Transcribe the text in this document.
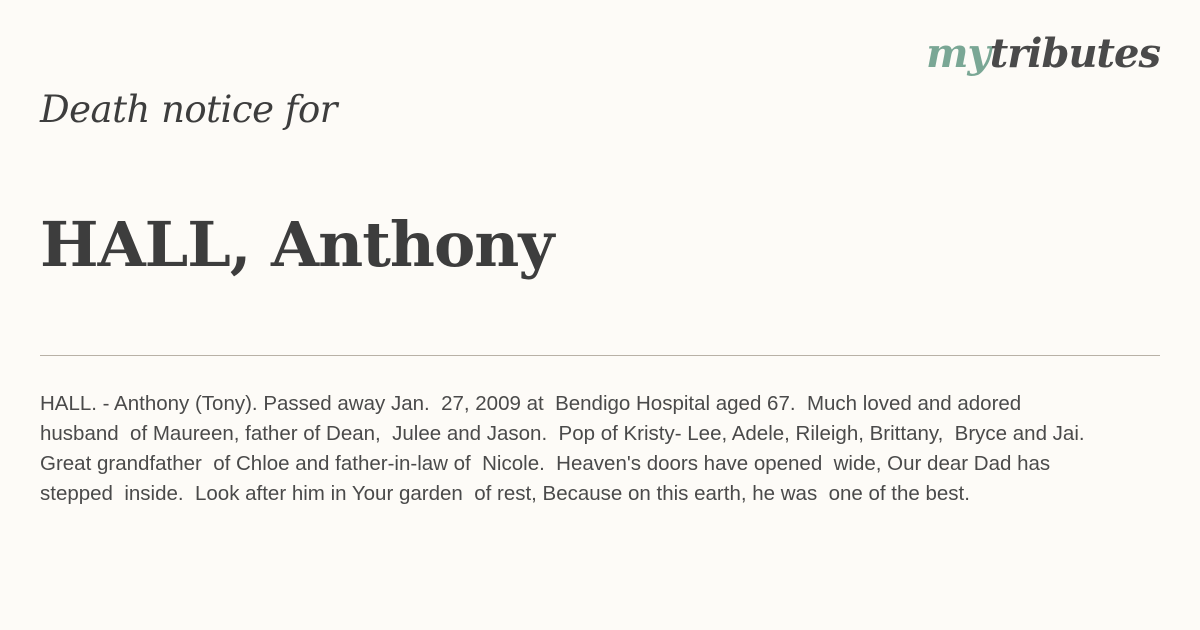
mytributes
Death notice for
HALL, Anthony
HALL. - Anthony (Tony). Passed away Jan.  27, 2009 at  Bendigo Hospital aged 67.  Much loved and adored husband  of Maureen, father of Dean,  Julee and Jason.  Pop of Kristy- Lee, Adele, Rileigh, Brittany,  Bryce and Jai.  Great grandfather  of Chloe and father-in-law of  Nicole.  Heaven's doors have opened  wide, Our dear Dad has stepped  inside.  Look after him in Your garden  of rest, Because on this earth, he was  one of the best.
